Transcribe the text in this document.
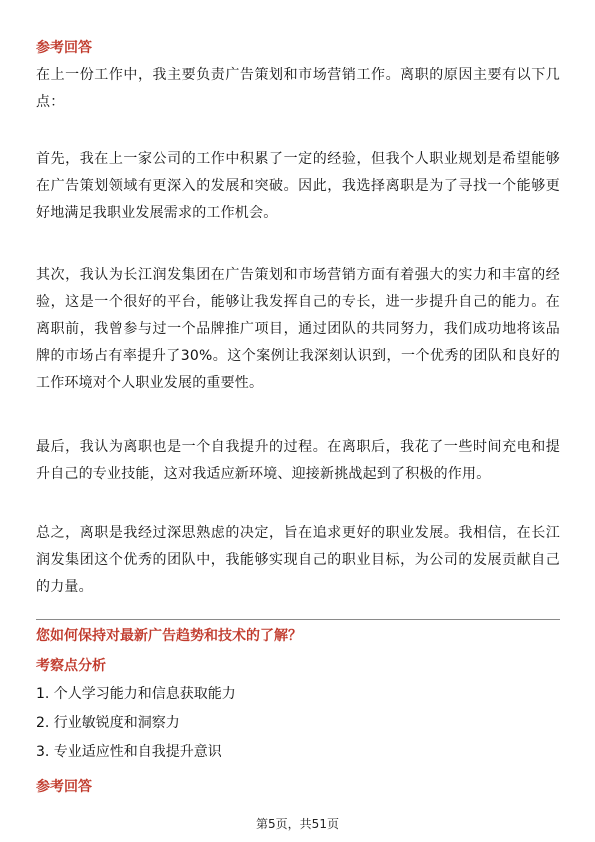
参考回答

在上一份工作中，我主要负责广告策划和市场营销工作。离职的原因主要有以下几点：

首先，我在上一家公司的工作中积累了一定的经验，但我个人职业规划是希望能够在广告策划领域有更深入的发展和突破。因此，我选择离职是为了寻找一个能够更好地满足我职业发展需求的工作机会。

其次，我认为长江润发集团在广告策划和市场营销方面有着强大的实力和丰富的经验，这是一个很好的平台，能够让我发挥自己的专长，进一步提升自己的能力。在离职前，我曾参与过一个品牌推广项目，通过团队的共同努力，我们成功地将该品牌的市场占有率提升了30%。这个案例让我深刻认识到，一个优秀的团队和良好的工作环境对个人职业发展的重要性。

最后，我认为离职也是一个自我提升的过程。在离职后，我花了一些时间充电和提升自己的专业技能，这对我适应新环境、迎接新挑战起到了积极的作用。

总之，离职是我经过深思熟虑的决定，旨在追求更好的职业发展。我相信，在长江润发集团这个优秀的团队中，我能够实现自己的职业目标，为公司的发展贡献自己的力量。

您如何保持对最新广告趋势和技术的了解？
考察点分析
1. 个人学习能力和信息获取能力
2. 行业敏锐度和洞察力
3. 专业适应性和自我提升意识
参考回答
第5页，共51页
